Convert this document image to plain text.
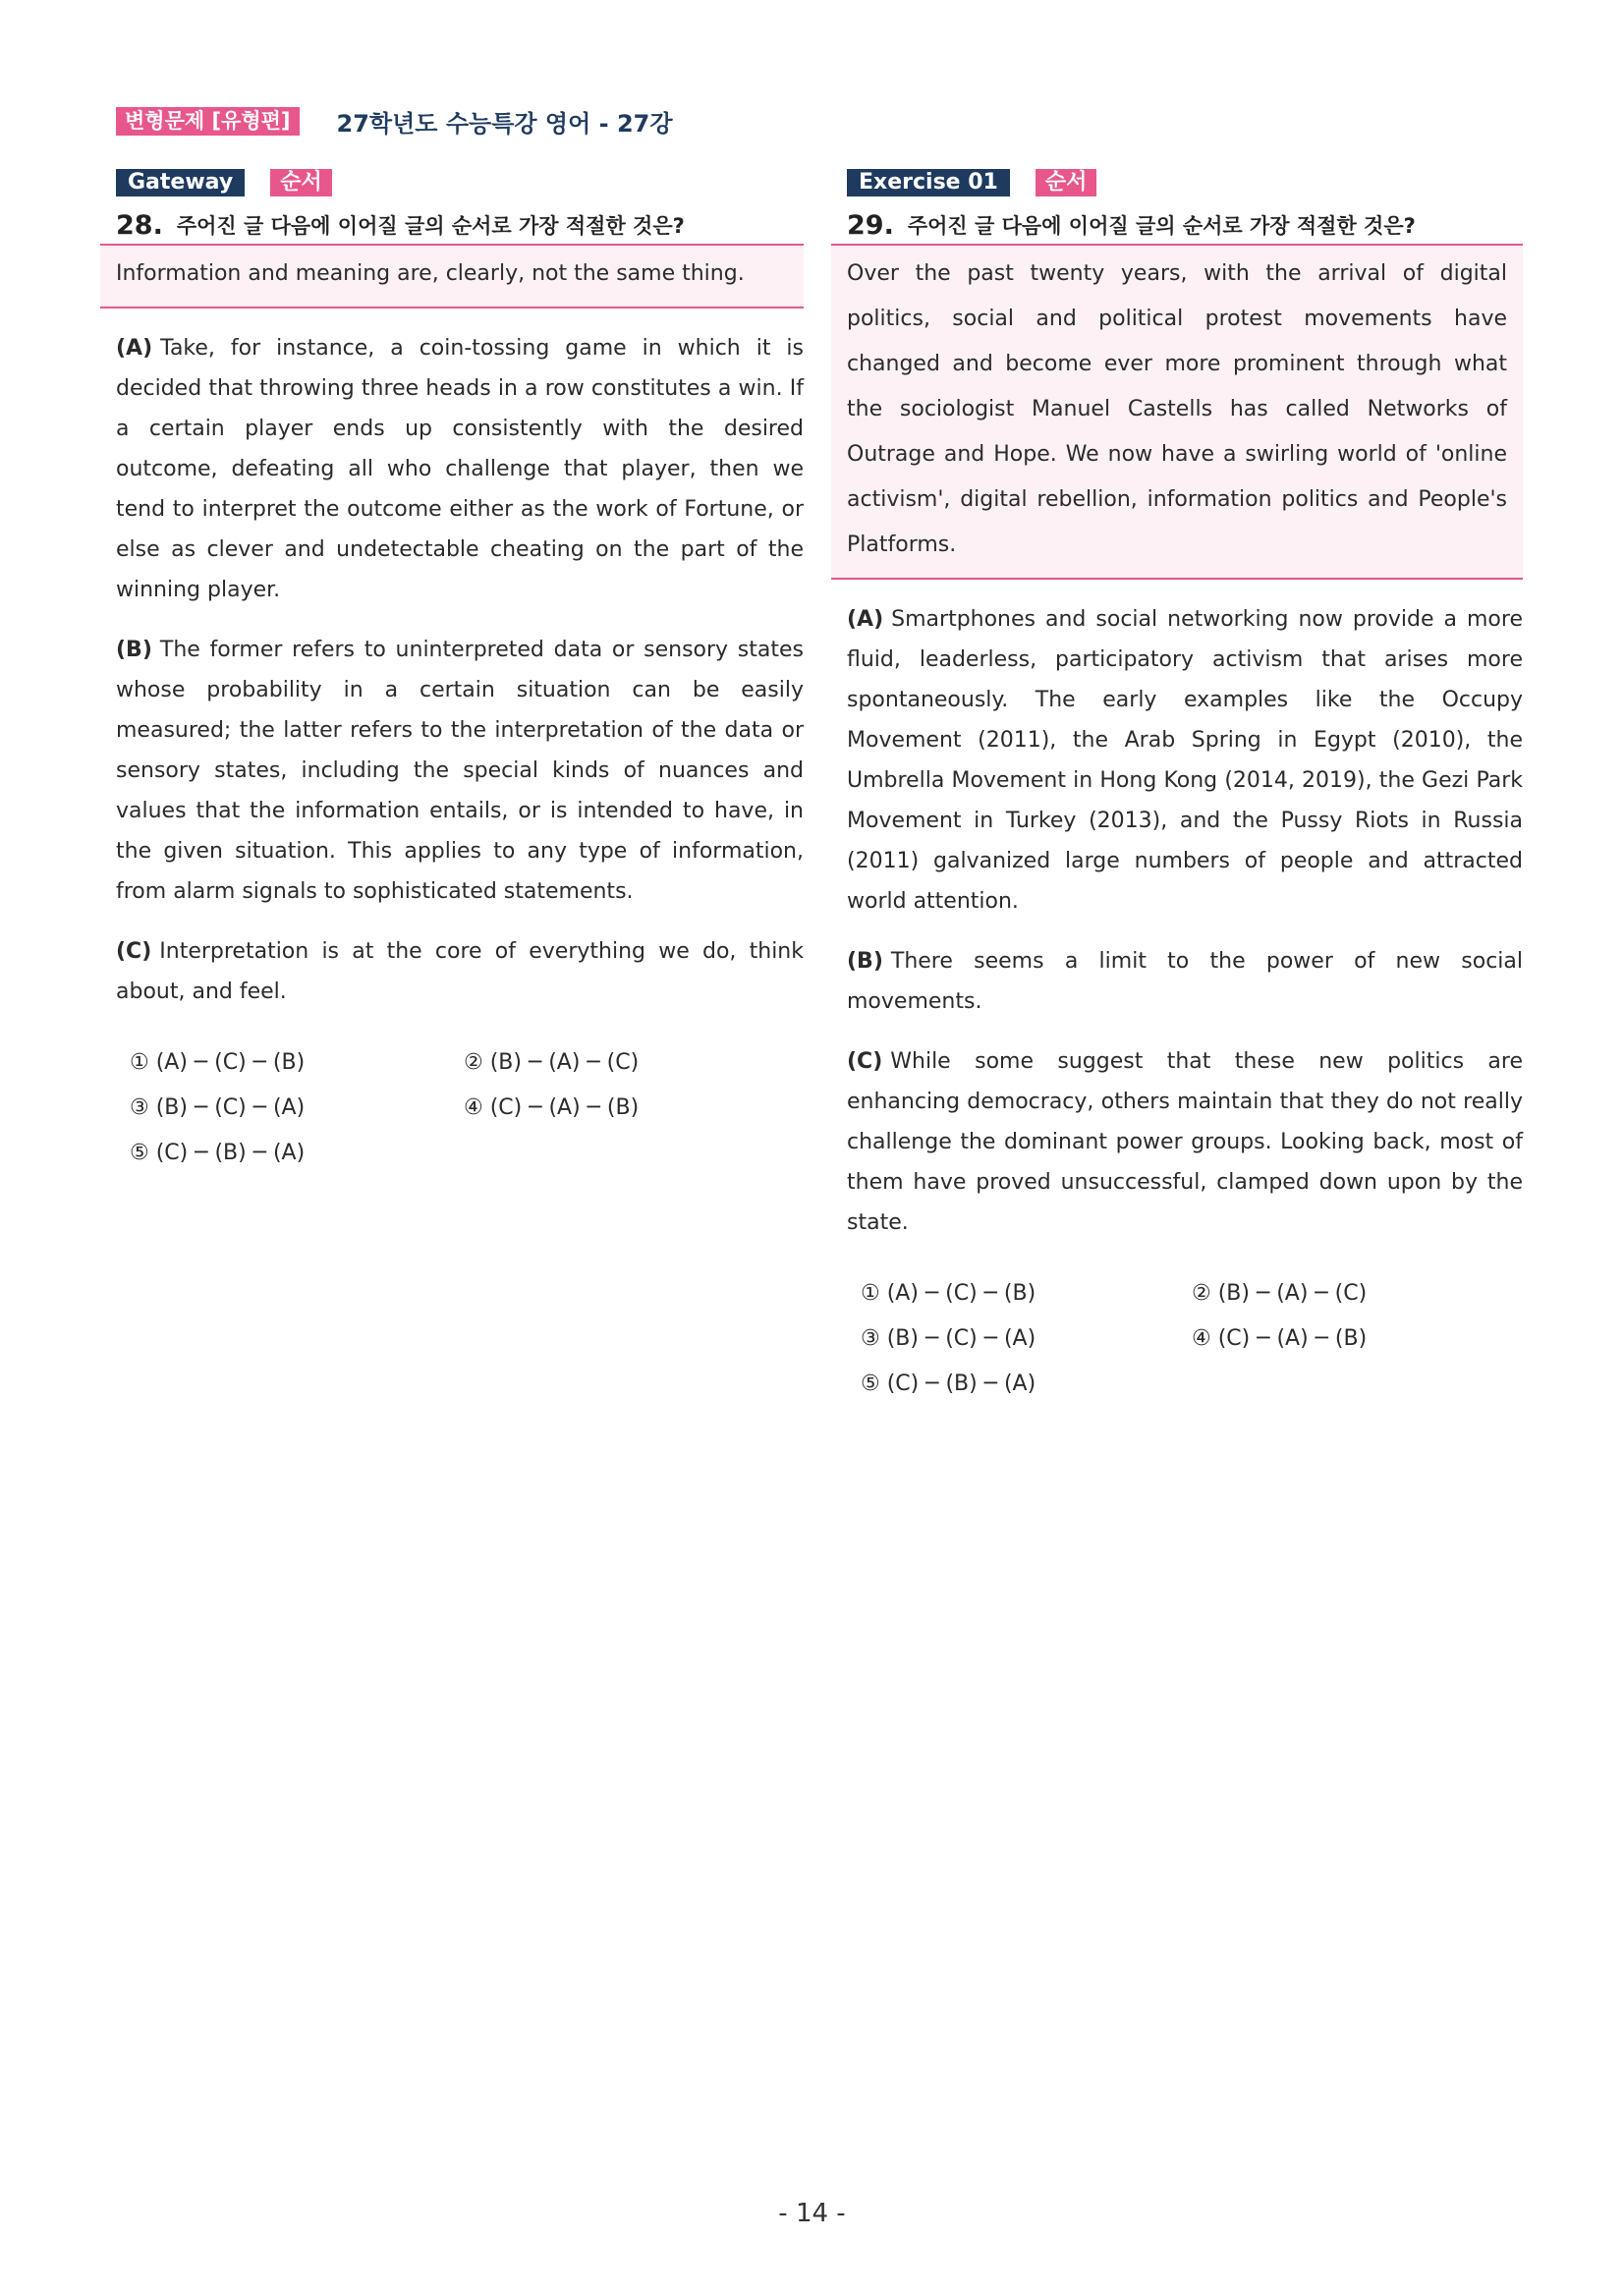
변형문제 [유형편]	27학년도 수능특강 영어 - 27강
Gateway	순서
28. 주어진 글 다음에 이어질 글의 순서로 가장 적절한 것은?
Information and meaning are, clearly, not the same thing.
(A) Take, for instance, a coin-tossing game in which it is decided that throwing three heads in a row constitutes a win. If a certain player ends up consistently with the desired outcome, defeating all who challenge that player, then we tend to interpret the outcome either as the work of Fortune, or else as clever and undetectable cheating on the part of the winning player.
(B) The former refers to uninterpreted data or sensory states whose probability in a certain situation can be easily measured; the latter refers to the interpretation of the data or sensory states, including the special kinds of nuances and values that the information entails, or is intended to have, in the given situation. This applies to any type of information, from alarm signals to sophisticated statements.
(C) Interpretation is at the core of everything we do, think about, and feel.
① (A) ─ (C) ─ (B)	② (B) ─ (A) ─ (C)
③ (B) ─ (C) ─ (A)	④ (C) ─ (A) ─ (B)
⑤ (C) ─ (B) ─ (A)
Exercise 01	순서
29. 주어진 글 다음에 이어질 글의 순서로 가장 적절한 것은?
Over the past twenty years, with the arrival of digital politics, social and political protest movements have changed and become ever more prominent through what the sociologist Manuel Castells has called Networks of Outrage and Hope. We now have a swirling world of 'online activism', digital rebellion, information politics and People's Platforms.
(A) Smartphones and social networking now provide a more fluid, leaderless, participatory activism that arises more spontaneously. The early examples like the Occupy Movement (2011), the Arab Spring in Egypt (2010), the Umbrella Movement in Hong Kong (2014, 2019), the Gezi Park Movement in Turkey (2013), and the Pussy Riots in Russia (2011) galvanized large numbers of people and attracted world attention.
(B) There seems a limit to the power of new social movements.
(C) While some suggest that these new politics are enhancing democracy, others maintain that they do not really challenge the dominant power groups. Looking back, most of them have proved unsuccessful, clamped down upon by the state.
① (A) ─ (C) ─ (B)	② (B) ─ (A) ─ (C)
③ (B) ─ (C) ─ (A)	④ (C) ─ (A) ─ (B)
⑤ (C) ─ (B) ─ (A)
- 14 -
